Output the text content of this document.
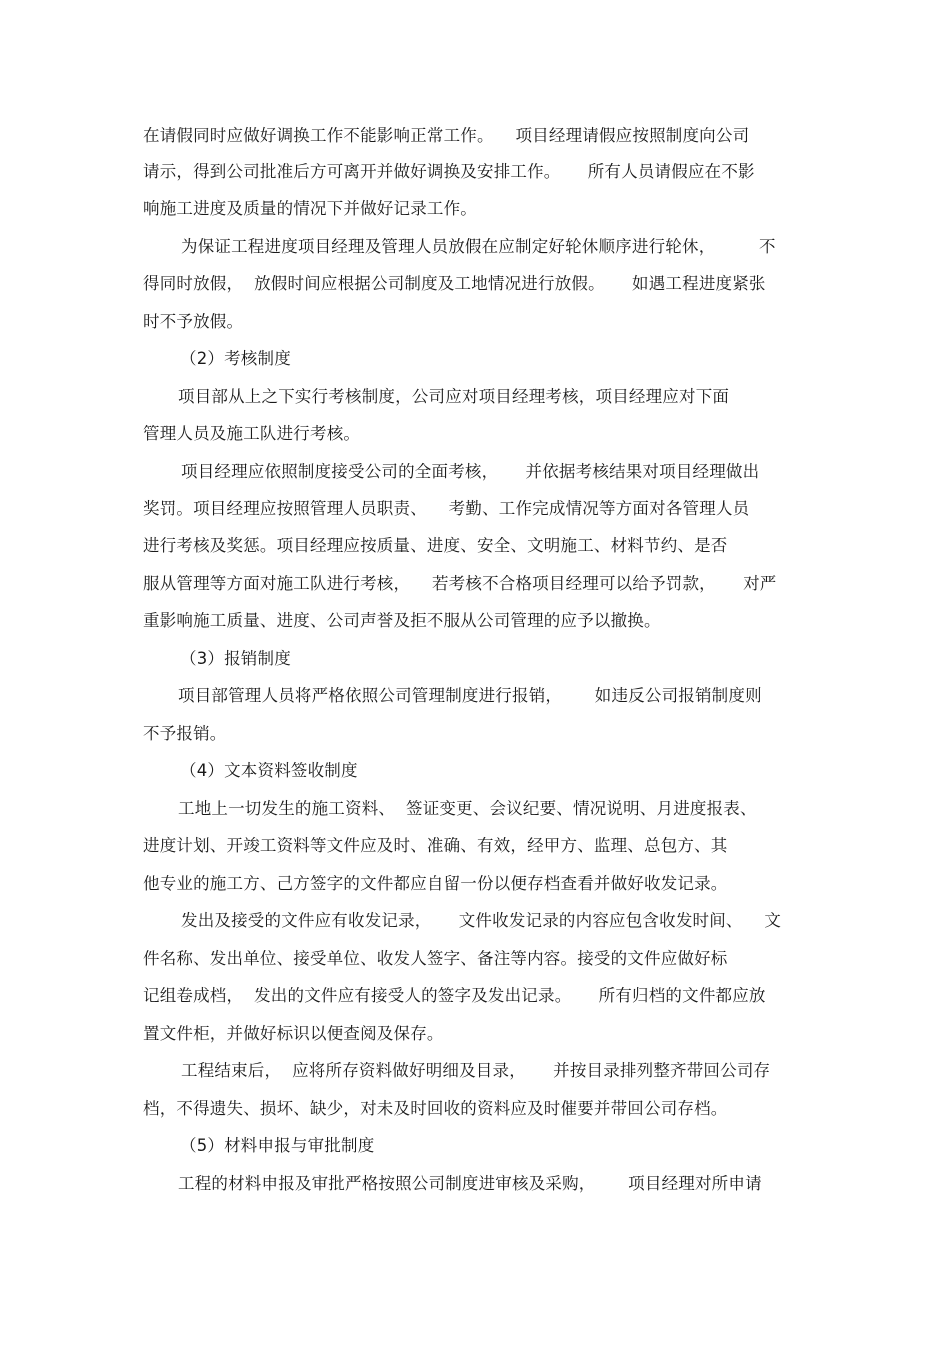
在请假同时应做好调换工作不能影响正常工作。    项目经理请假应按照制度向公司
请示，得到公司批准后方可离开并做好调换及安排工作。     所有人员请假应在不影
响施工进度及质量的情况下并做好记录工作。
为保证工程进度项目经理及管理人员放假在应制定好轮休顺序进行轮休，        不
得同时放假，  放假时间应根据公司制度及工地情况进行放假。     如遇工程进度紧张
时不予放假。
（2）考核制度
项目部从上之下实行考核制度，公司应对项目经理考核，项目经理应对下面
管理人员及施工队进行考核。
项目经理应依照制度接受公司的全面考核，     并依据考核结果对项目经理做出
奖罚。项目经理应按照管理人员职责、    考勤、工作完成情况等方面对各管理人员
进行考核及奖惩。项目经理应按质量、进度、安全、文明施工、材料节约、是否
服从管理等方面对施工队进行考核，    若考核不合格项目经理可以给予罚款，     对严
重影响施工质量、进度、公司声誉及拒不服从公司管理的应予以撤换。
（3）报销制度
项目部管理人员将严格依照公司管理制度进行报销，      如违反公司报销制度则
不予报销。
（4）文本资料签收制度
工地上一切发生的施工资料、  签证变更、会议纪要、情况说明、月进度报表、
进度计划、开竣工资料等文件应及时、准确、有效，经甲方、监理、总包方、其
他专业的施工方、己方签字的文件都应自留一份以便存档查看并做好收发记录。
发出及接受的文件应有收发记录，     文件收发记录的内容应包含收发时间、    文
件名称、发出单位、接受单位、收发人签字、备注等内容。接受的文件应做好标
记组卷成档，  发出的文件应有接受人的签字及发出记录。     所有归档的文件都应放
置文件柜，并做好标识以便查阅及保存。
工程结束后，  应将所存资料做好明细及目录，     并按目录排列整齐带回公司存
档，不得遗失、损坏、缺少，对未及时回收的资料应及时催要并带回公司存档。
（5）材料申报与审批制度
工程的材料申报及审批严格按照公司制度进审核及采购，      项目经理对所申请
